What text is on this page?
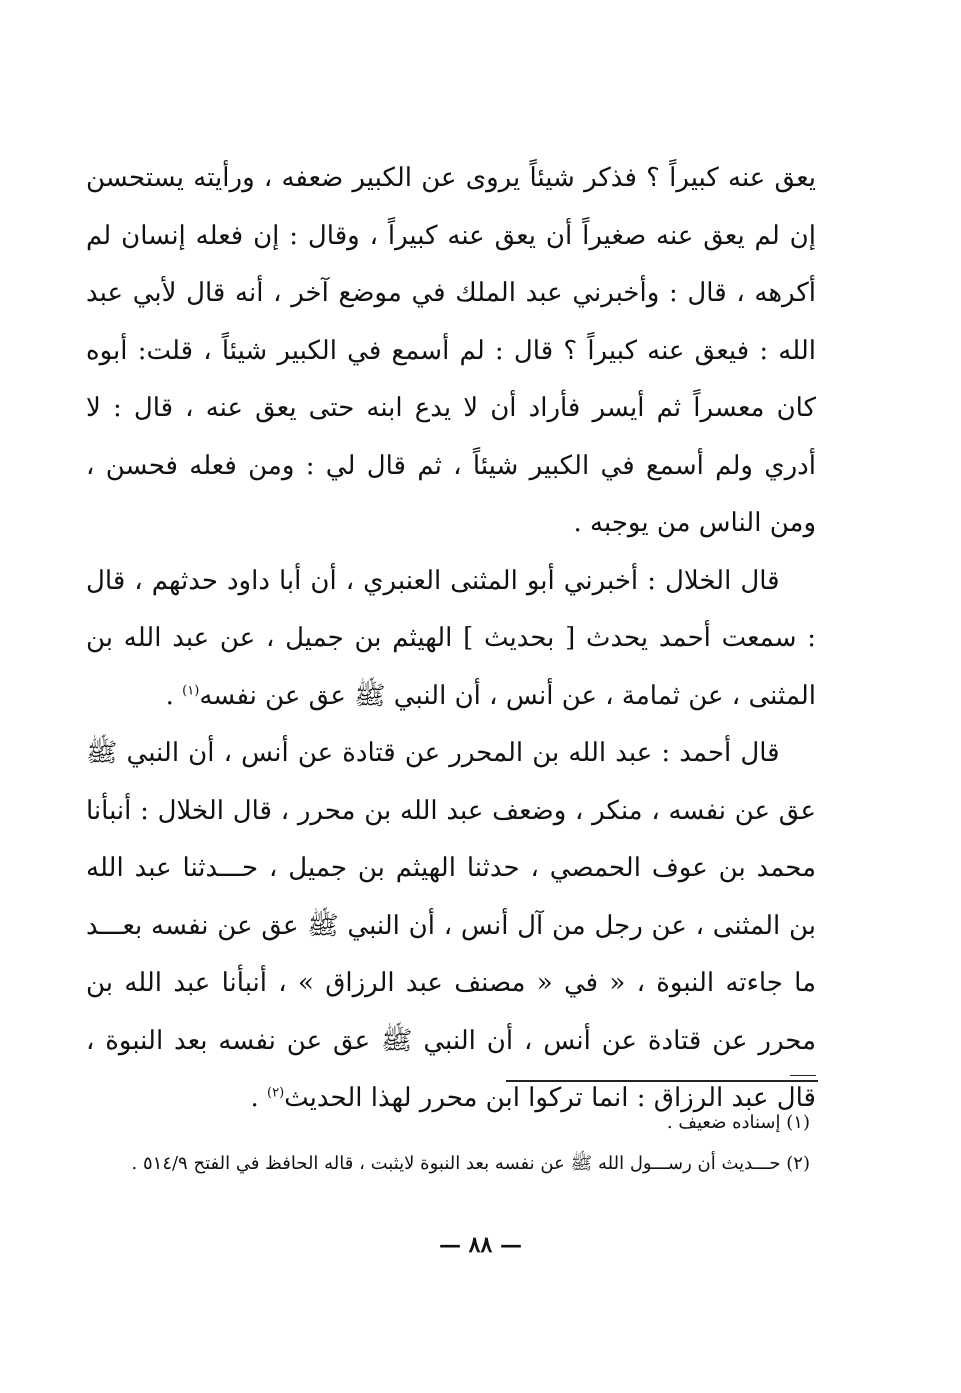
يعق عنه كبيراً ؟ فذكر شيئاً يروى عن الكبير ضعفه ، ورأيته يستحسن إن لم يعق عنه صغيراً أن يعق عنه كبيراً ، وقال : إن فعله إنسان لم أكرهه ، قال : وأخبرني عبد الملك في موضع آخر ، أنه قال لأبي عبد الله : فيعق عنه كبيراً ؟ قال : لم أسمع في الكبير شيئاً ، قلت: أبوه كان معسراً ثم أيسر فأراد أن لا يدع ابنه حتى يعق عنه ، قال : لا أدري ولم أسمع في الكبير شيئاً ، ثم قال لي : ومن فعله فحسن ، ومن الناس من يوجبه .

قال الخلال : أخبرني أبو المثنى العنبري ، أن أبا داود حدثهم ، قال : سمعت أحمد يحدث [ بحديث ] الهيثم بن جميل ، عن عبد الله بن المثنى ، عن ثمامة ، عن أنس ، أن النبي ﷺ عق عن نفسه$^{(١)}$ .

قال أحمد : عبد الله بن المحرر عن قتادة عن أنس ، أن النبي ﷺ عق عن نفسه ، منكر ، وضعف عبد الله بن محرر ، قال الخلال : أنبأنا محمد بن عوف الحمصي ، حدثنا الهيثم بن جميل ، حـــدثنا عبد الله بن المثنى ، عن رجل من آل أنس ، أن النبي ﷺ عق عن نفسه بعـــد ما جاءته النبوة ، « في « مصنف عبد الرزاق » ، أنبأنا عبد الله بن محرر عن قتادة عن أنس ، أن النبي ﷺ عق عن نفسه بعد النبوة ، قال عبد الرزاق : انما تركوا ابن محرر لهذا الحديث$^{(٢)}$ .

(١) إسناده ضعيف .

(٢) حـــديث أن رســـول الله ﷺ عن نفسه بعد النبوة لايثبت ، قاله الحافظ في الفتح ٥١٤/٩ .

— ٨٨ —
